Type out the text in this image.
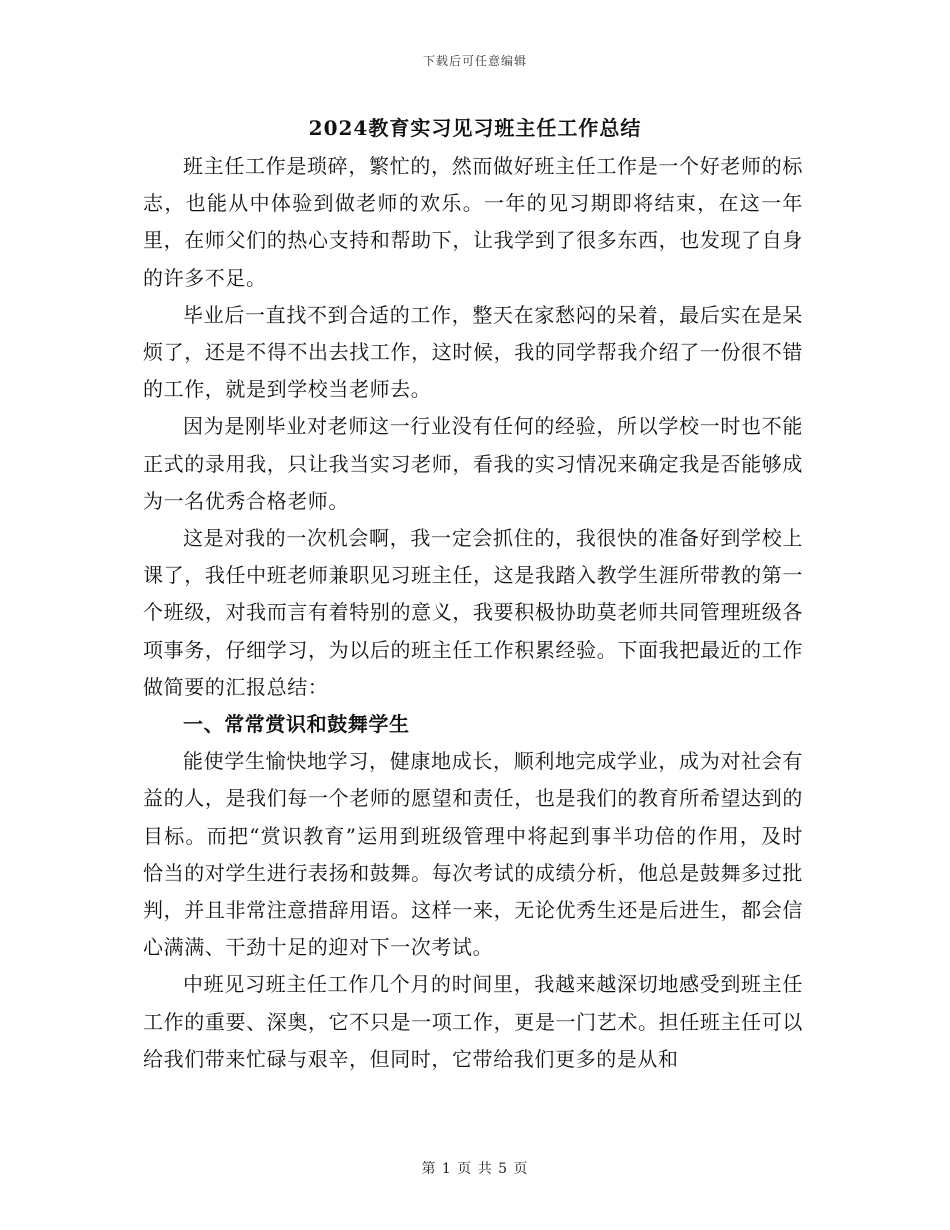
下载后可任意编辑
2024教育实习见习班主任工作总结

班主任工作是琐碎，繁忙的，然而做好班主任工作是一个好老师的标志，也能从中体验到做老师的欢乐。一年的见习期即将结束，在这一年里，在师父们的热心支持和帮助下，让我学到了很多东西，也发现了自身的许多不足。

毕业后一直找不到合适的工作，整天在家愁闷的呆着，最后实在是呆烦了，还是不得不出去找工作，这时候，我的同学帮我介绍了一份很不错的工作，就是到学校当老师去。

因为是刚毕业对老师这一行业没有任何的经验，所以学校一时也不能正式的录用我，只让我当实习老师，看我的实习情况来确定我是否能够成为一名优秀合格老师。

这是对我的一次机会啊，我一定会抓住的，我很快的准备好到学校上课了，我任中班老师兼职见习班主任，这是我踏入教学生涯所带教的第一个班级，对我而言有着特别的意义，我要积极协助莫老师共同管理班级各项事务，仔细学习，为以后的班主任工作积累经验。下面我把最近的工作做简要的汇报总结：

一、常常赏识和鼓舞学生

能使学生愉快地学习，健康地成长，顺利地完成学业，成为对社会有益的人，是我们每一个老师的愿望和责任，也是我们的教育所希望达到的目标。而把“赏识教育”运用到班级管理中将起到事半功倍的作用，及时恰当的对学生进行表扬和鼓舞。每次考试的成绩分析，他总是鼓舞多过批判，并且非常注意措辞用语。这样一来，无论优秀生还是后进生，都会信心满满、干劲十足的迎对下一次考试。

中班见习班主任工作几个月的时间里，我越来越深切地感受到班主任工作的重要、深奥，它不只是一项工作，更是一门艺术。担任班主任可以给我们带来忙碌与艰辛，但同时，它带给我们更多的是从和

第 1 页 共 5 页
